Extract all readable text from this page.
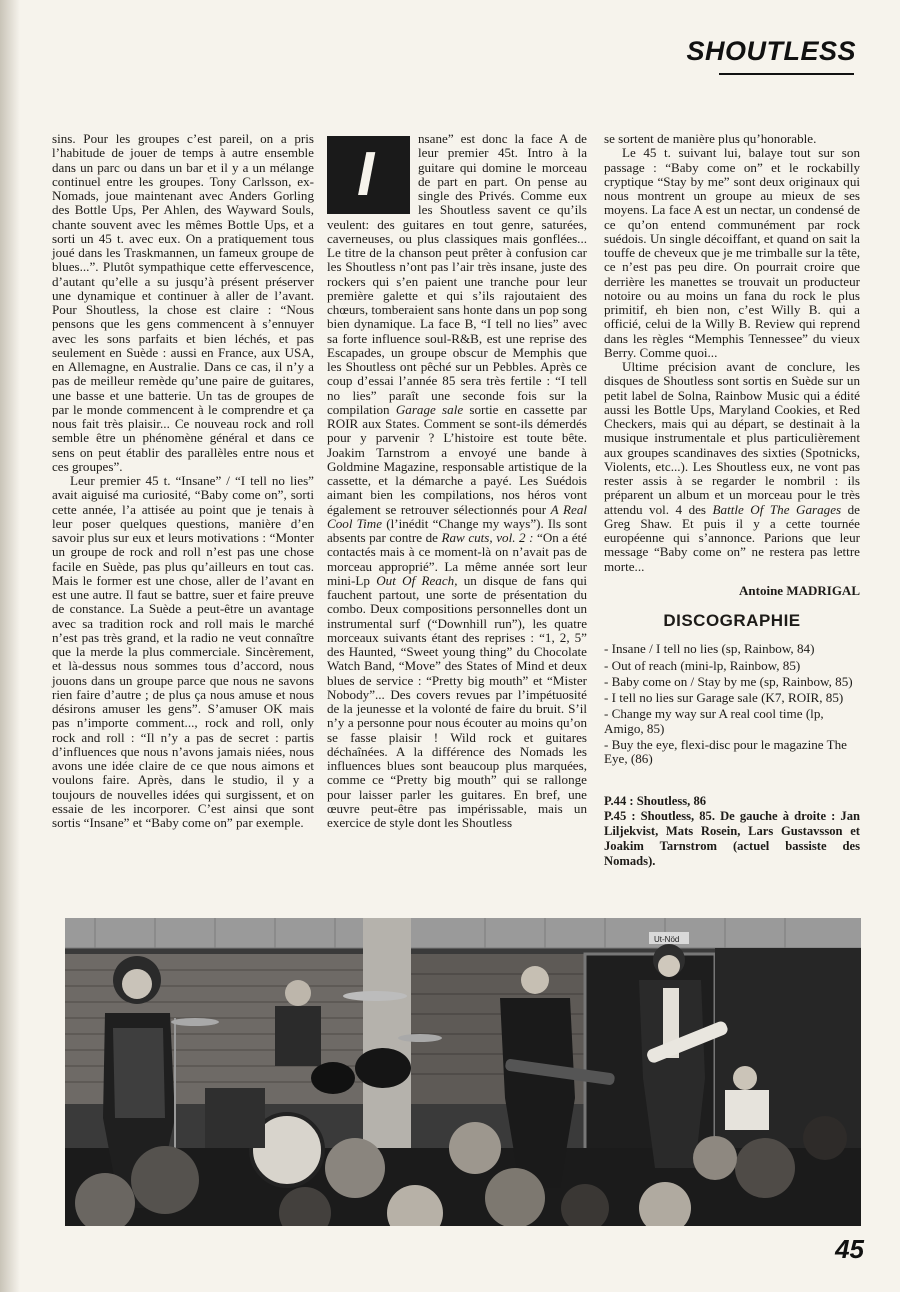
SHOUTLESS

sins. Pour les groupes c’est pareil, on a pris l’habitude de jouer de temps à autre ensemble dans un parc ou dans un bar et il y a un mélange continuel entre les groupes. Tony Carlsson, ex-Nomads, joue maintenant avec Anders Gorling des Bottle Ups, Per Ahlen, des Wayward Souls, chante souvent avec les mêmes Bottle Ups, et a sorti un 45 t. avec eux. On a pratiquement tous joué dans les Traskmannen, un fameux groupe de blues...”. Plutôt sympathique cette effervescence, d’autant qu’elle a su jusqu’à présent préserver une dynamique et continuer à aller de l’avant. Pour Shoutless, la chose est claire : “Nous pensons que les gens commencent à s’ennuyer avec les sons parfaits et bien léchés, et pas seulement en Suède : aussi en France, aux USA, en Allemagne, en Australie. Dans ce cas, il n’y a pas de meilleur remède qu’une paire de guitares, une basse et une batterie. Un tas de groupes de par le monde commencent à le comprendre et ça nous fait très plaisir... Ce nouveau rock and roll semble être un phénomène général et dans ce sens on peut établir des parallèles entre nous et ces groupes”.

Leur premier 45 t. “Insane” / “I tell no lies” avait aiguisé ma curiosité, “Baby come on”, sorti cette année, l’a attisée au point que je tenais à leur poser quelques questions, manière d’en savoir plus sur eux et leurs motivations : “Monter un groupe de rock and roll n’est pas une chose facile en Suède, pas plus qu’ailleurs en tout cas. Mais le former est une chose, aller de l’avant en est une autre. Il faut se battre, suer et faire preuve de constance. La Suède a peut-être un avantage avec sa tradition rock and roll mais le marché n’est pas très grand, et la radio ne veut connaître que la merde la plus commerciale. Sincèrement, et là-dessus nous sommes tous d’accord, nous jouons dans un groupe parce que nous ne savons rien faire d’autre ; de plus ça nous amuse et nous désirons amuser les gens”. S’amuser OK mais pas n’importe comment..., rock and roll, only rock and roll : “Il n’y a pas de secret : partis d’influences que nous n’avons jamais niées, nous avons une idée claire de ce que nous aimons et voulons faire. Après, dans le studio, il y a toujours de nouvelles idées qui surgissent, et on essaie de les incorporer. C’est ainsi que sont sortis “Insane” et “Baby come on” par exemple.

I

nsane” est donc la face A de leur premier 45t. Intro à la guitare qui domine le morceau de part en part. On pense au single des Privés. Comme eux les Shoutless savent ce qu’ils veulent: des guitares en tout genre, saturées, caverneuses, ou plus classiques mais gonflées... Le titre de la chanson peut prêter à confusion car les Shoutless n’ont pas l’air très insane, juste des rockers qui s’en paient une tranche pour leur première galette et qui s’ils rajoutaient des chœurs, tomberaient sans honte dans un pop song bien dynamique. La face B, “I tell no lies” avec sa forte influence soul-R&B, est une reprise des Escapades, un groupe obscur de Memphis que les Shoutless ont pêché sur un Pebbles. Après ce coup d’essai l’année 85 sera très fertile : “I tell no lies” paraît une seconde fois sur la compilation Garage sale sortie en cassette par ROIR aux States. Comment se sont-ils démerdés pour y parvenir ? L’histoire est toute bête. Joakim Tarnstrom a envoyé une bande à Goldmine Magazine, responsable artistique de la cassette, et la démarche a payé. Les Suédois aimant bien les compilations, nos héros vont également se retrouver sélectionnés pour A Real Cool Time (l’inédit “Change my ways”). Ils sont absents par contre de Raw cuts, vol. 2 : “On a été contactés mais à ce moment-là on n’avait pas de morceau approprié”. La même année sort leur mini-Lp Out Of Reach, un disque de fans qui fauchent partout, une sorte de présentation du combo. Deux compositions personnelles dont un instrumental surf (“Downhill run”), les quatre morceaux suivants étant des reprises : “1, 2, 5” des Haunted, “Sweet young thing” du Chocolate Watch Band, “Move” des States of Mind et deux blues de service : “Pretty big mouth” et “Mister Nobody”... Des covers revues par l’impétuosité de la jeunesse et la volonté de faire du bruit. S’il n’y a personne pour nous écouter au moins qu’on se fasse plaisir ! Wild rock et guitares déchaînées. A la différence des Nomads les influences blues sont beaucoup plus marquées, comme ce “Pretty big mouth” qui se rallonge pour laisser parler les guitares. En bref, une œuvre peut-être pas impérissable, mais un exercice de style dont les Shoutless

se sortent de manière plus qu’honorable.

Le 45 t. suivant lui, balaye tout sur son passage : “Baby come on” et le rockabilly cryptique “Stay by me” sont deux originaux qui nous montrent un groupe au mieux de ses moyens. La face A est un nectar, un condensé de ce qu’on entend communément par rock suédois. Un single décoiffant, et quand on sait la touffe de cheveux que je me trimballe sur la tête, ce n’est pas peu dire. On pourrait croire que derrière les manettes se trouvait un producteur notoire ou au moins un fana du rock le plus primitif, eh bien non, c’est Willy B. qui a officié, celui de la Willy B. Review qui reprend dans les règles “Memphis Tennessee” du vieux Berry. Comme quoi...

Ultime précision avant de conclure, les disques de Shoutless sont sortis en Suède sur un petit label de Solna, Rainbow Music qui a édité aussi les Bottle Ups, Maryland Cookies, et Red Checkers, mais qui au départ, se destinait à la musique instrumentale et plus particulièrement aux groupes scandinaves des sixties (Spotnicks, Violents, etc...). Les Shoutless eux, ne vont pas rester assis à se regarder le nombril : ils préparent un album et un morceau pour le très attendu vol. 4 des Battle Of The Garages de Greg Shaw. Et puis il y a cette tournée européenne qui s’annonce. Parions que leur message “Baby come on” ne restera pas lettre morte...

Antoine MADRIGAL
DISCOGRAPHIE
- Insane / I tell no lies (sp, Rainbow, 84)
- Out of reach (mini-lp, Rainbow, 85)
- Baby come on / Stay by me (sp, Rainbow, 85)
- I tell no lies sur Garage sale (K7, ROIR, 85)
- Change my way sur A real cool time (lp, Amigo, 85)
- Buy the eye, flexi-disc pour le magazine The Eye, (86)
P.44 : Shoutless, 86
P.45 : Shoutless, 85. De gauche à droite : Jan Liljekvist, Mats Rosein, Lars Gustavsson et Joakim Tarnstrom (actuel bassiste des Nomads).
Ut-Nöd
45
